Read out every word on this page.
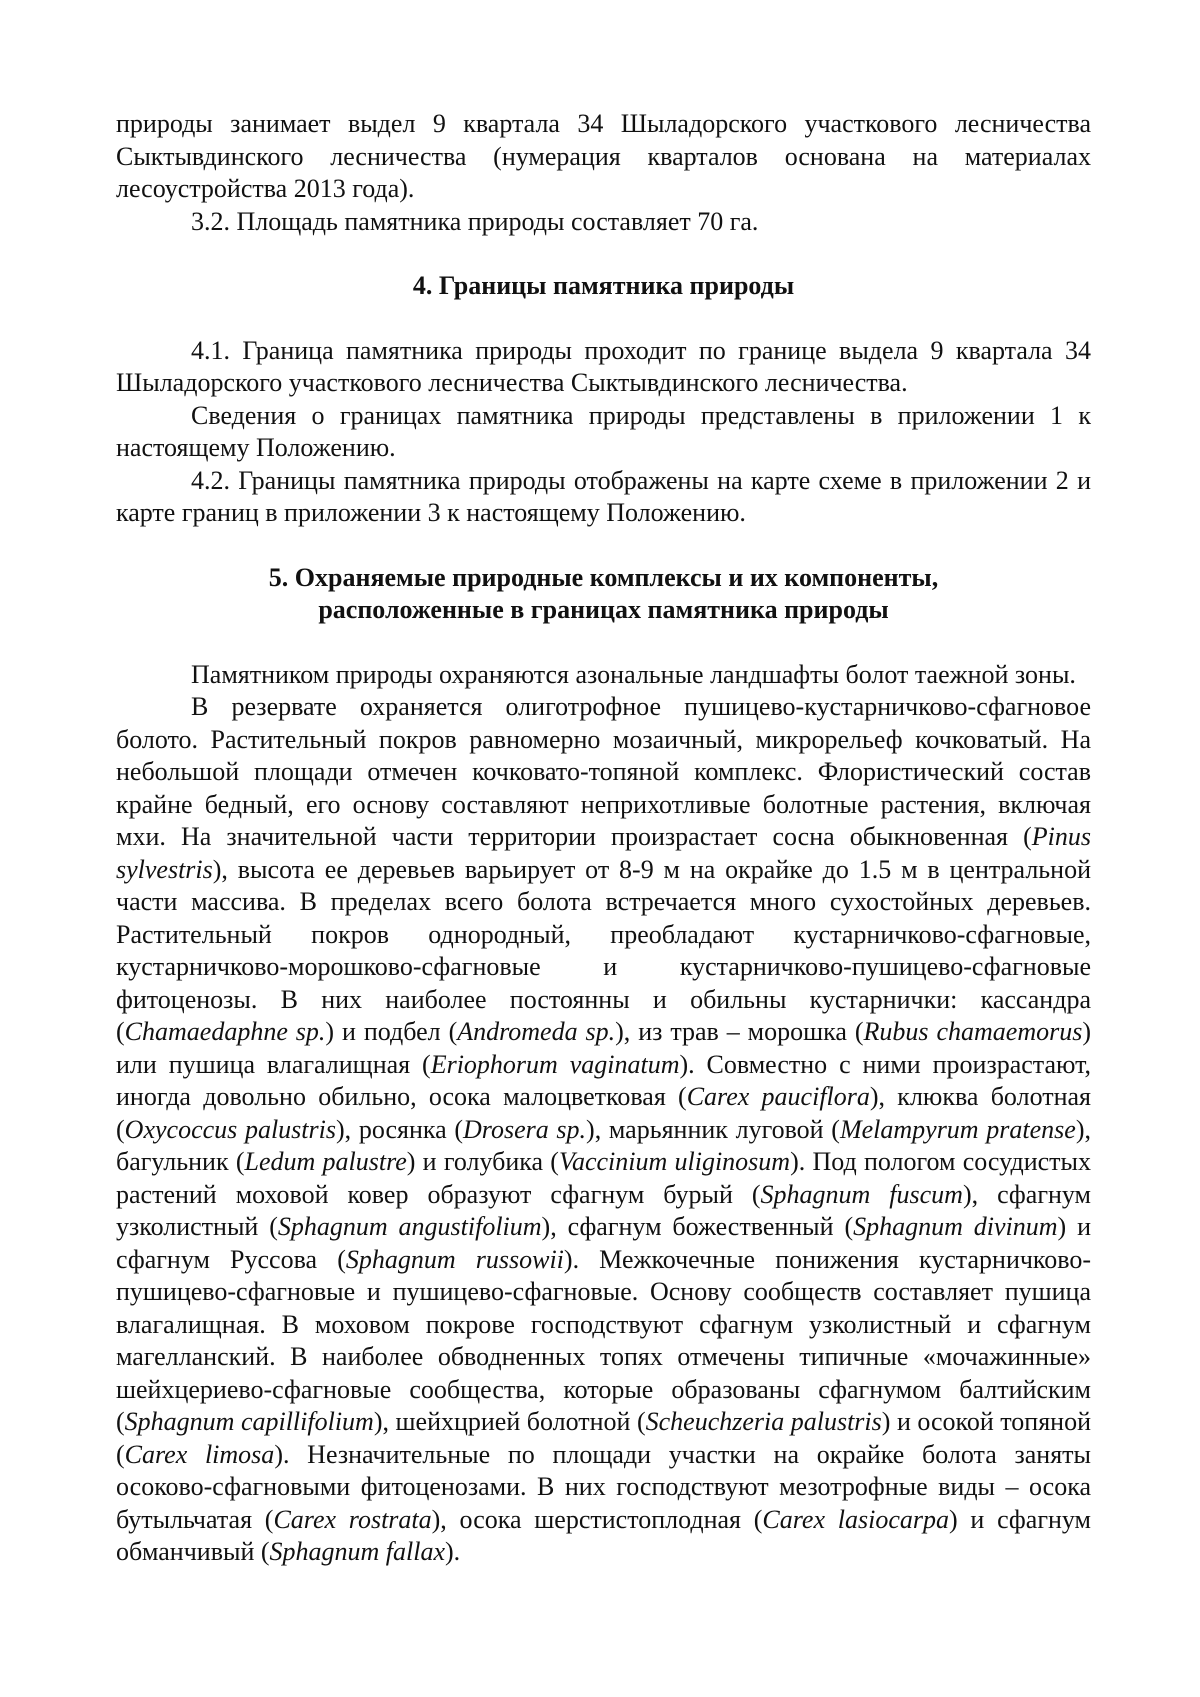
природы занимает выдел 9 квартала 34 Шыладорского участкового лесничества Сыктывдинского лесничества (нумерация кварталов основана на материалах лесоустройства 2013 года).

3.2. Площадь памятника природы составляет 70 га.

4. Границы памятника природы

4.1. Граница памятника природы проходит по границе выдела 9 квартала 34 Шыладорского участкового лесничества Сыктывдинского лесничества.

Сведения о границах памятника природы представлены в приложении 1 к настоящему Положению.

4.2. Границы памятника природы отображены на карте схеме в приложении 2 и карте границ в приложении 3 к настоящему Положению.

5. Охраняемые природные комплексы и их компоненты,
расположенные в границах памятника природы

Памятником природы охраняются азональные ландшафты болот таежной зоны.

В резервате охраняется олиготрофное пушицево-кустарничково-сфагновое болото. Растительный покров равномерно мозаичный, микрорельеф кочковатый. На небольшой площади отмечен кочковато-топяной комплекс. Флористический состав крайне бедный, его основу составляют неприхотливые болотные растения, включая мхи. На значительной части территории произрастает сосна обыкновенная (Pinus sylvestris), высота ее деревьев варьирует от 8-9 м на окрайке до 1.5 м в центральной части массива. В пределах всего болота встречается много сухостойных деревьев. Растительный покров однородный, преобладают кустарничково-сфагновые, кустарничково-морошково-сфагновые и кустарничково-пушицево-сфагновые фитоценозы. В них наиболее постоянны и обильны кустарнички: кассандра (Chamaedaphne sp.) и подбел (Andromeda sp.), из трав – морошка (Rubus chamaemorus) или пушица влагалищная (Eriophorum vaginatum). Совместно с ними произрастают, иногда довольно обильно, осока малоцветковая (Carex pauciflora), клюква болотная (Oxycoccus palustris), росянка (Drosera sp.), марьянник луговой (Melampyrum pratense), багульник (Ledum palustre) и голубика (Vaccinium uliginosum). Под пологом сосудистых растений моховой ковер образуют сфагнум бурый (Sphagnum fuscum), сфагнум узколистный (Sphagnum angustifolium), сфагнум божественный (Sphagnum divinum) и сфагнум Руссова (Sphagnum russowii). Межкочечные понижения кустарничково-пушицево-сфагновые и пушицево-сфагновые. Основу сообществ составляет пушица влагалищная. В моховом покрове господствуют сфагнум узколистный и сфагнум магелланский. В наиболее обводненных топях отмечены типичные «мочажинные» шейхцериево-сфагновые сообщества, которые образованы сфагнумом балтийским (Sphagnum capillifolium), шейхцрией болотной (Scheuchzeria palustris) и осокой топяной (Carex limosa). Незначительные по площади участки на окрайке болота заняты осоково-сфагновыми фитоценозами. В них господствуют мезотрофные виды – осока бутыльчатая (Carex rostrata), осока шерстистоплодная (Carex lasiocarpa) и сфагнум обманчивый (Sphagnum fallax).
